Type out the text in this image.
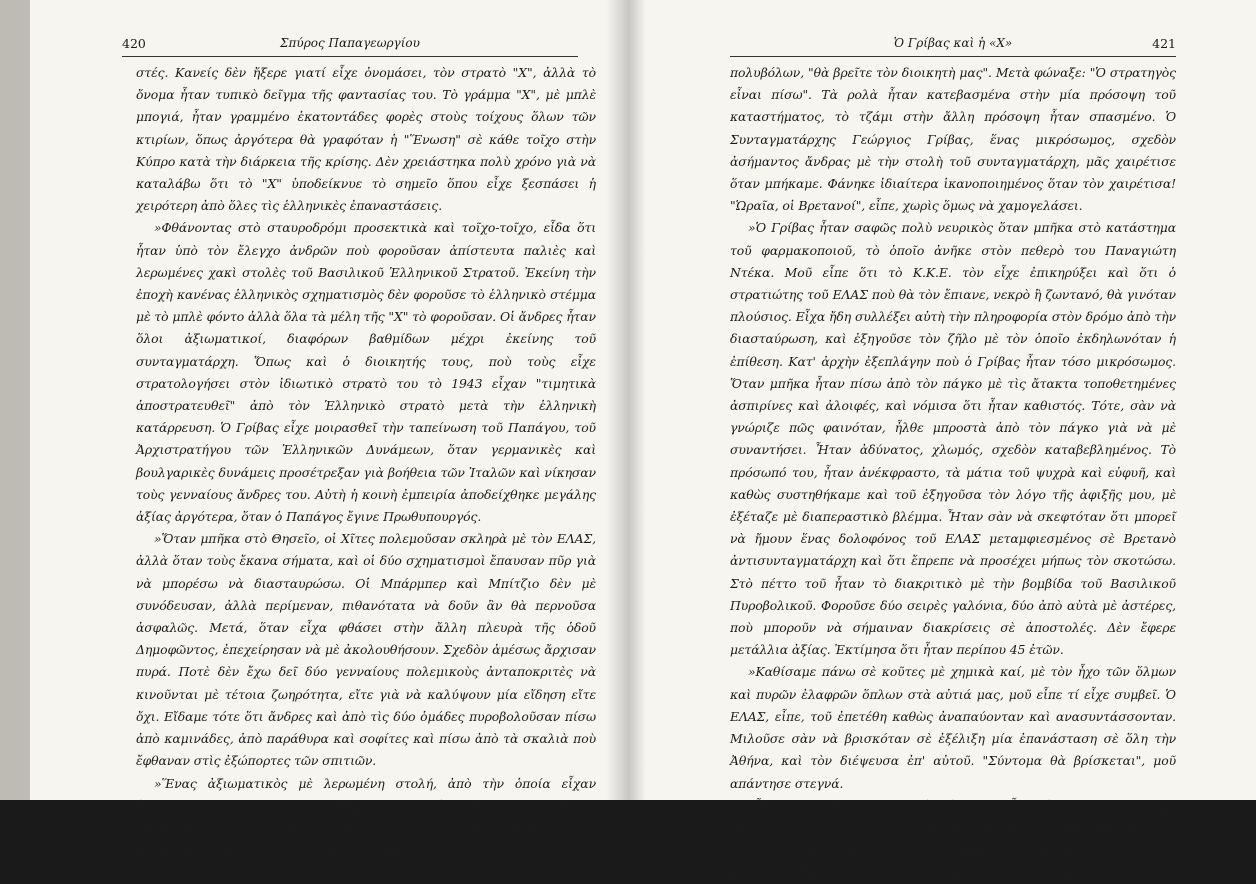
420	Σπύρος Παπαγεωργίου

στές. Κανείς δὲν ἤξερε γιατί εἶχε ὀνομάσει, τὸν στρατὸ "Χ", ἀλλὰ τὸ ὄνομα ἦταν τυπικὸ δεῖγμα τῆς φαντασίας του. Τὸ γράμμα "Χ", μὲ μπλὲ μπογιά, ἦταν γραμμένο ἑκατοντάδες φορὲς στοὺς τοίχους ὅλων τῶν κτιρίων, ὅπως ἀργότερα θὰ γραφόταν ἡ "Ἕνωση" σὲ κάθε τοῖχο στὴν Κύπρο κατὰ τὴν διάρκεια τῆς κρίσης. Δὲν χρειάστηκα πολὺ χρόνο γιὰ νὰ καταλάβω ὅτι τὸ "Χ" ὑποδείκνυε τὸ σημεῖο ὅπου εἶχε ξεσπάσει ἡ χειρότερη ἀπὸ ὅλες τὶς ἑλληνικὲς ἐπαναστάσεις.

»Φθάνοντας στὸ σταυροδρόμι προσεκτικὰ καὶ τοῖχο-τοῖχο, εἶδα ὅτι ἦταν ὑπὸ τὸν ἔλεγχο ἀνδρῶν ποὺ φοροῦσαν ἀπίστευτα παλιὲς καὶ λερωμένες χακὶ στολὲς τοῦ Βασιλικοῦ Ἑλληνικοῦ Στρατοῦ. Ἐκείνη τὴν ἐποχὴ κανένας ἑλληνικὸς σχηματισμὸς δὲν φοροῦσε τὸ ἑλληνικὸ στέμμα μὲ τὸ μπλὲ φόντο ἀλλὰ ὅλα τὰ μέλη τῆς "Χ" τὸ φοροῦσαν. Οἱ ἄνδρες ἦταν ὅλοι ἀξιωματικοί, διαφόρων βαθμίδων μέχρι ἐκείνης τοῦ συνταγματάρχη. Ὅπως καὶ ὁ διοικητής τους, ποὺ τοὺς εἶχε στρατολογήσει στὸν ἰδιωτικὸ στρατὸ του τὸ 1943 εἶχαν "τιμητικὰ ἀποστρατευθεῖ" ἀπὸ τὸν Ἑλληνικὸ στρατὸ μετὰ τὴν ἑλληνικὴ κατάρρευση. Ὁ Γρίβας εἶχε μοιρασθεῖ τὴν ταπείνωση τοῦ Παπάγου, τοῦ Ἀρχιστρατήγου τῶν Ἑλληνικῶν Δυνάμεων, ὅταν γερμανικὲς καὶ βουλγαρικὲς δυνάμεις προσέτρεξαν γιὰ βοήθεια τῶν Ἰταλῶν καὶ νίκησαν τοὺς γενναίους ἄνδρες του. Αὐτὴ ἡ κοινὴ ἐμπειρία ἀποδείχθηκε μεγάλης ἀξίας ἀργότερα, ὅταν ὁ Παπάγος ἔγινε Πρωθυπουργός.

»Ὅταν μπῆκα στὸ Θησεῖο, οἱ Χῖτες πολεμοῦσαν σκληρὰ μὲ τὸν ΕΛΑΣ, ἀλλὰ ὅταν τοὺς ἔκανα σήματα, καὶ οἱ δύο σχηματισμοὶ ἔπαυσαν πῦρ γιὰ νὰ μπορέσω νὰ διασταυρώσω. Οἱ Μπάρμπερ καὶ Μπίτζιο δὲν μὲ συνόδευσαν, ἀλλὰ περίμεναν, πιθανότατα νὰ δοῦν ἂν θὰ περνοῦσα ἀσφαλῶς. Μετά, ὅταν εἶχα φθάσει στὴν ἄλλη πλευρὰ τῆς ὁδοῦ Δημοφῶντος, ἐπεχείρησαν νὰ μὲ ἀκολουθήσουν. Σχεδὸν ἀμέσως ἄρχισαν πυρά. Ποτὲ δὲν ἔχω δεῖ δύο γενναίους πολεμικοὺς ἀνταποκριτὲς νὰ κινοῦνται μὲ τέτοια ζωηρότητα, εἴτε γιὰ νὰ καλύψουν μία εἴδηση εἴτε ὄχι. Εἴδαμε τότε ὅτι ἄνδρες καὶ ἀπὸ τὶς δύο ὁμάδες πυροβολοῦσαν πίσω ἀπὸ καμινάδες, ἀπὸ παράθυρα καὶ σοφίτες καὶ πίσω ἀπὸ τὰ σκαλιὰ ποὺ ἔφθαναν στὶς ἐξώπορτες τῶν σπιτιῶν.

»Ἕνας ἀξιωματικὸς μὲ λερωμένη στολή, ἀπὸ τὴν ὁποία εἶχαν ἀφαιρεθεῖ τὰ διακριτικὰ τοῦ βαθμοῦ του μᾶς ὁδήγησε στὴν πόρτα τοῦ καταστήματος ἑνὸς φαρμακοποιοῦ, ποὺ εἶχε διπλὴ πρόσοψη. Ἐδῶ!, φώναξε γιὰ νὰ ἀκουστεῖ πάνω ἀπὸ τὸν θόρυβο τῶν πυρῶν τῶν

Ὁ Γρίβας καὶ ἡ «Χ»	421

πολυβόλων, "θὰ βρεῖτε τὸν διοικητὴ μας". Μετὰ φώναξε: "Ὁ στρατηγὸς εἶναι πίσω". Τὰ ρολὰ ἦταν κατεβασμένα στὴν μία πρόσοψη τοῦ καταστήματος, τὸ τζάμι στὴν ἄλλη πρόσοψη ἦταν σπασμένο. Ὁ Συνταγματάρχης Γεώργιος Γρίβας, ἕνας μικρόσωμος, σχεδὸν ἀσήμαντος ἄνδρας μὲ τὴν στολὴ τοῦ συνταγματάρχη, μᾶς χαιρέτισε ὅταν μπήκαμε. Φάνηκε ἰδιαίτερα ἱκανοποιημένος ὅταν τὸν χαιρέτισα! "Ὡραῖα, οἱ Βρετανοί", εἶπε, χωρὶς ὅμως νὰ χαμογελάσει.

»Ὁ Γρίβας ἦταν σαφῶς πολὺ νευρικὸς ὅταν μπῆκα στὸ κατάστημα τοῦ φαρμακοποιοῦ, τὸ ὁποῖο ἀνῆκε στὸν πεθερὸ του Παναγιώτη Ντέκα. Μοῦ εἶπε ὅτι τὸ Κ.Κ.Ε. τὸν εἶχε ἐπικηρύξει καὶ ὅτι ὁ στρατιώτης τοῦ ΕΛΑΣ ποὺ θὰ τὸν ἔπιανε, νεκρὸ ἢ ζωντανό, θὰ γινόταν πλούσιος. Εἶχα ἤδη συλλέξει αὐτὴ τὴν πληροφορία στὸν δρόμο ἀπὸ τὴν διασταύρωση, καὶ ἐξηγοῦσε τὸν ζῆλο μὲ τὸν ὁποῖο ἐκδηλωνόταν ἡ ἐπίθεση. Κατ' ἀρχὴν ἐξεπλάγην ποὺ ὁ Γρίβας ἦταν τόσο μικρόσωμος. Ὅταν μπῆκα ἦταν πίσω ἀπὸ τὸν πάγκο μὲ τὶς ἄτακτα τοποθετημένες ἀσπιρίνες καὶ ἀλοιφές, καὶ νόμισα ὅτι ἦταν καθιστός. Τότε, σὰν νὰ γνώριζε πῶς φαινόταν, ἦλθε μπροστὰ ἀπὸ τὸν πάγκο γιὰ νὰ μὲ συναντήσει. Ἦταν ἀδύνατος, χλωμός, σχεδὸν καταβεβλημένος. Τὸ πρόσωπό του, ἦταν ἀνέκφραστο, τὰ μάτια τοῦ ψυχρὰ καὶ εὐφυῆ, καὶ καθὼς συστηθήκαμε καὶ τοῦ ἐξηγοῦσα τὸν λόγο τῆς ἀφιξῆς μου, μὲ ἐξέταζε μὲ διαπεραστικὸ βλέμμα. Ἦταν σὰν νὰ σκεφτόταν ὅτι μπορεῖ νὰ ἤμουν ἕνας δολοφόνος τοῦ ΕΛΑΣ μεταμφιεσμένος σὲ Βρετανὸ ἀντισυνταγματάρχη καὶ ὅτι ἔπρεπε νὰ προσέχει μήπως τὸν σκοτώσω. Στὸ πέττο τοῦ ἦταν τὸ διακριτικὸ μὲ τὴν βομβίδα τοῦ Βασιλικοῦ Πυροβολικοῦ. Φοροῦσε δύο σειρὲς γαλόνια, δύο ἀπὸ αὐτὰ μὲ ἀστέρες, ποὺ μποροῦν νὰ σήμαιναν διακρίσεις σὲ ἀποστολές. Δὲν ἔφερε μετάλλια ἀξίας. Ἐκτίμησα ὅτι ἦταν περίπου 45 ἐτῶν.

»Καθίσαμε πάνω σὲ κοῦτες μὲ χημικὰ καί, μὲ τὸν ἦχο τῶν ὅλμων καὶ πυρῶν ἐλαφρῶν ὅπλων στὰ αὐτιά μας, μοῦ εἶπε τί εἶχε συμβεῖ. Ὁ ΕΛΑΣ, εἶπε, τοῦ ἐπετέθη καθὼς ἀναπαύονταν καὶ ανασυντάσσονταν. Μιλοῦσε σὰν νὰ βρισκόταν σὲ ἐξέλιξη μία ἐπανάσταση σὲ ὅλη τὴν Ἀθήνα, καὶ τὸν διέψευσα ἐπ' αὐτοῦ. "Σύντομα θὰ βρίσκεται", μοῦ απάντησε στεγνά.

»Ἦταν προφανὲς γιὰ μένα ὅτι ὁ Γρίβας ἦταν ἀβέβαιος σχετικὰ μὲ τὴν ἀξιοπιστία του ὡς διοικητοῦ καὶ ἔκανε μεγάλη προσπάθεια γιὰ νὰ μοῦ δείξει ἔγγραφα. Γενικὰ εἶναι ἀποδεκτὸ τώρα ὅτι ὁ Γρίβας δὲν ἀναγνωρίσθηκε ποτέ, οὔτε βοηθήθηκε, ἀπὸ τοὺς Βρετανοὺς
